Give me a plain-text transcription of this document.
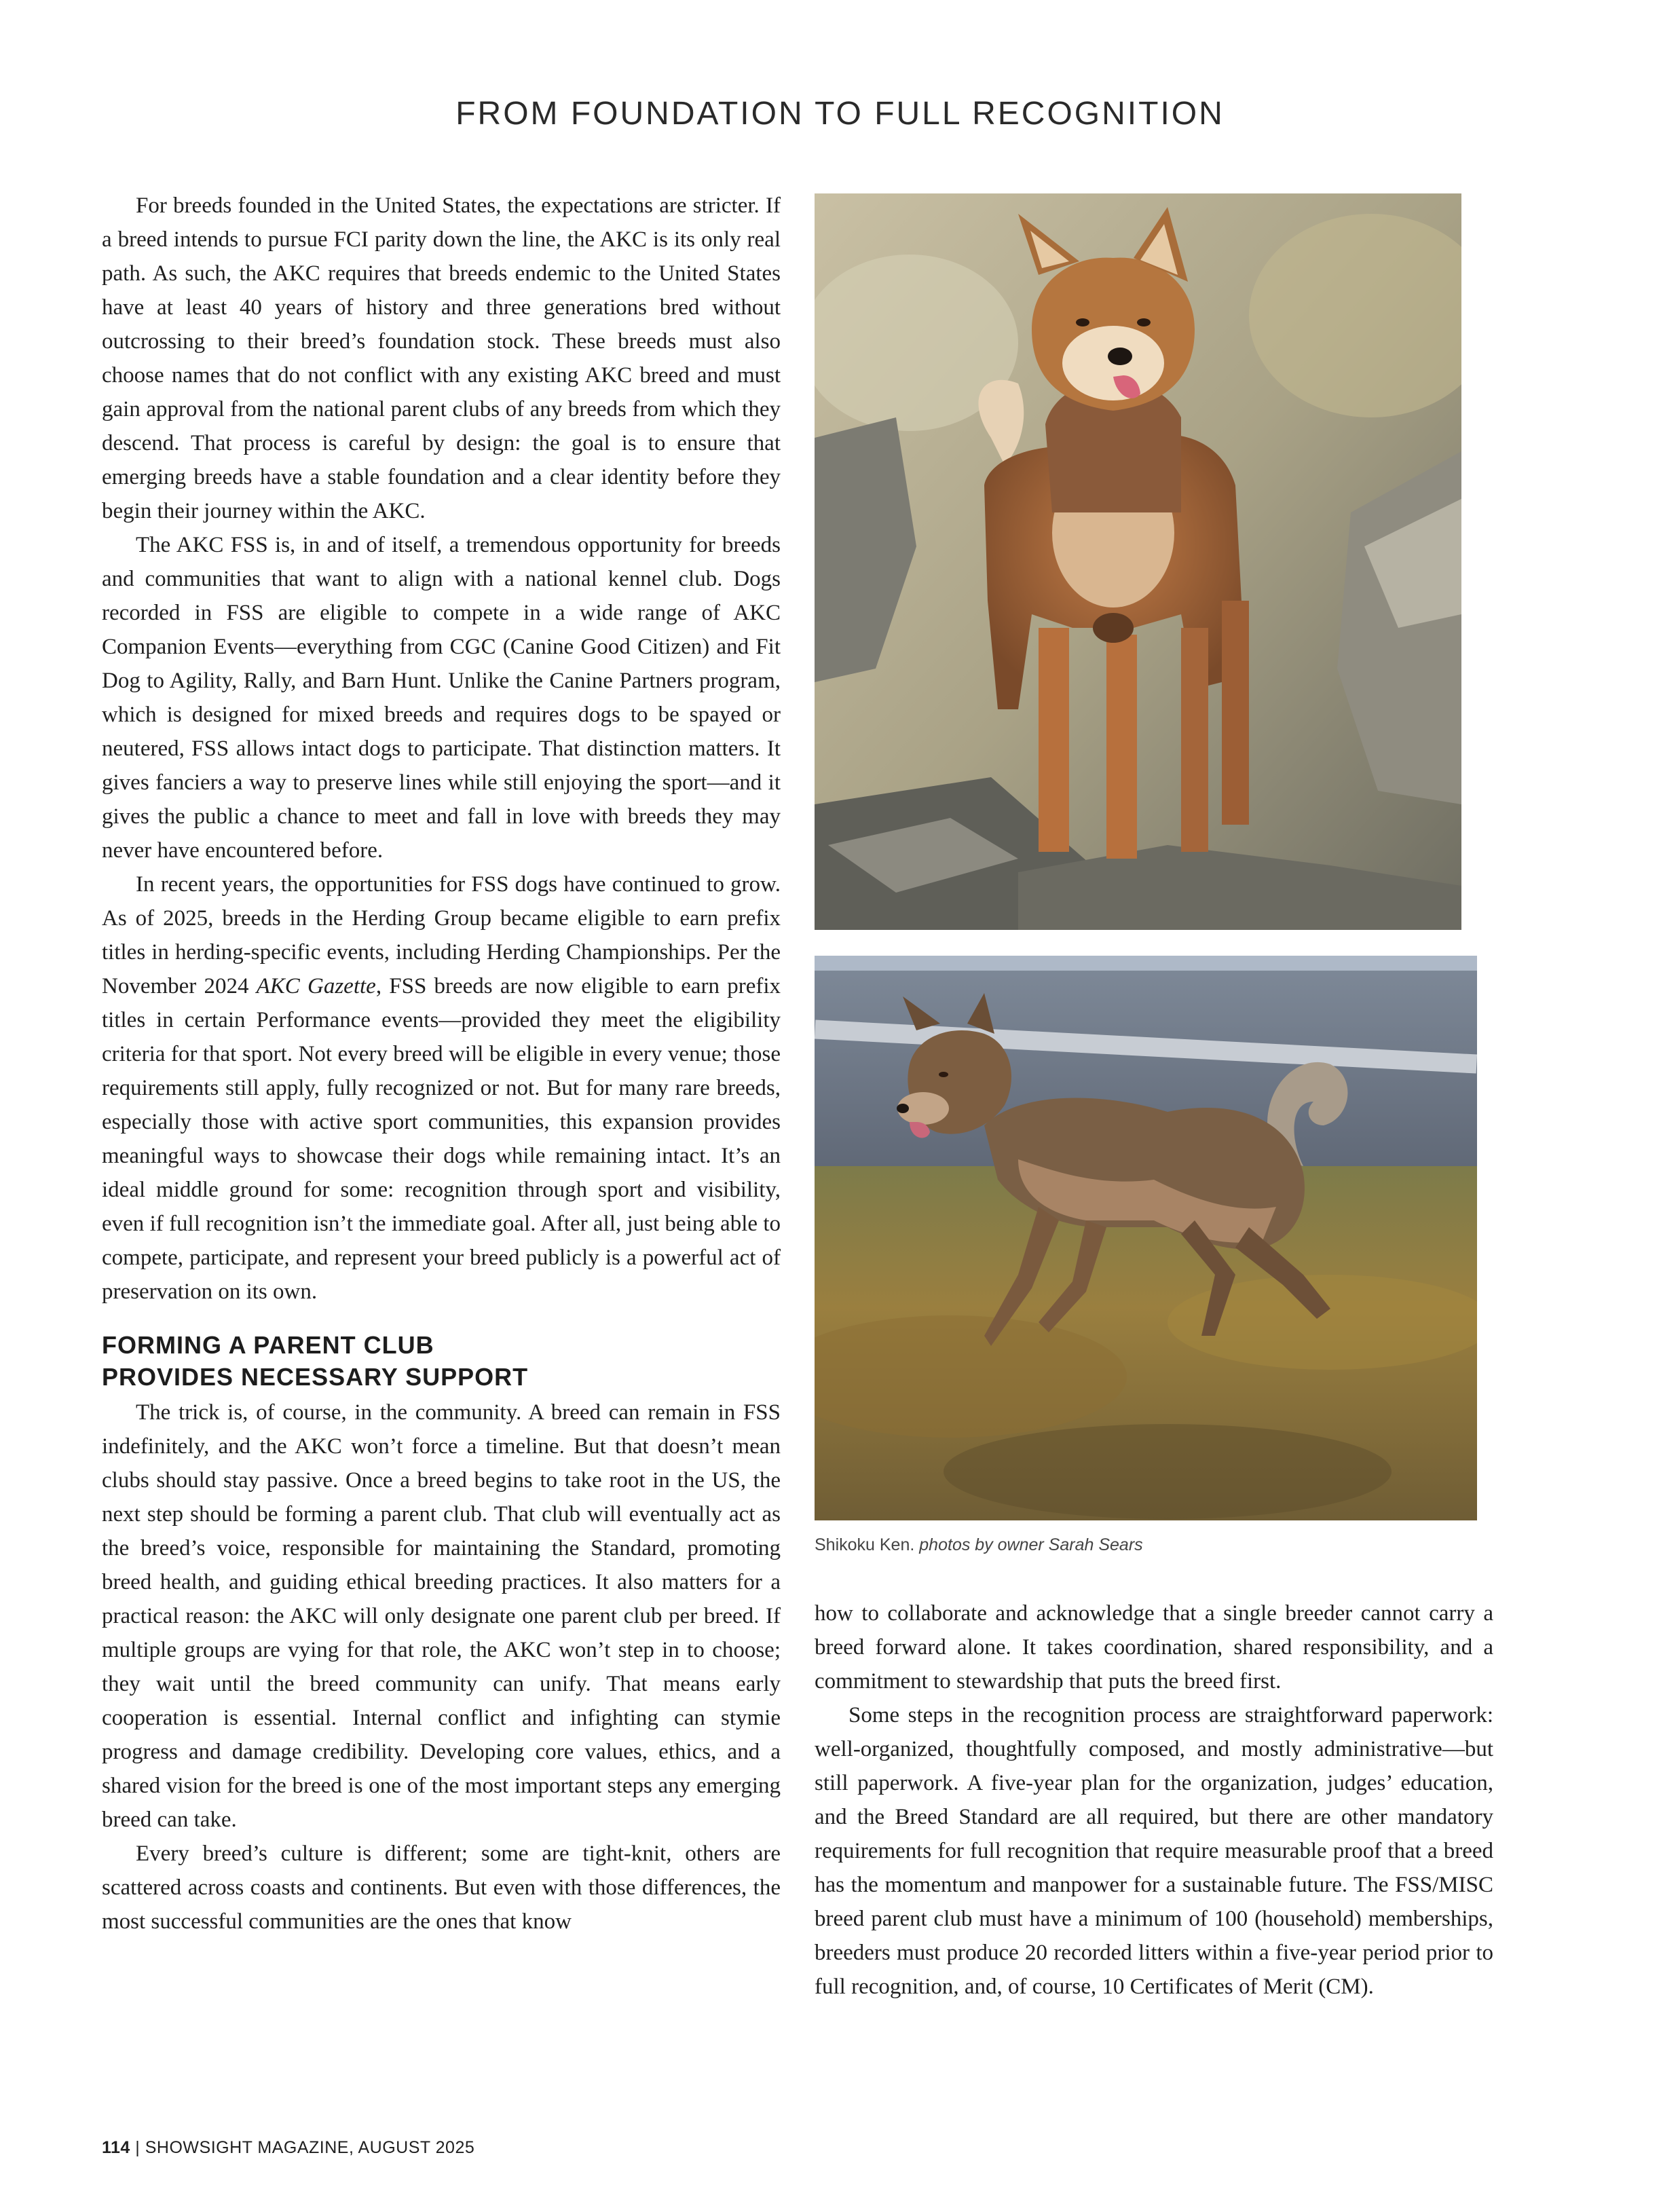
FROM FOUNDATION TO FULL RECOGNITION

For breeds founded in the United States, the expectations are stricter. If a breed intends to pursue FCI parity down the line, the AKC is its only real path. As such, the AKC requires that breeds endemic to the United States have at least 40 years of history and three generations bred without outcrossing to their breed’s foundation stock. These breeds must also choose names that do not conflict with any existing AKC breed and must gain approval from the national parent clubs of any breeds from which they descend. That process is careful by design: the goal is to ensure that emerging breeds have a stable foundation and a clear identity before they begin their journey within the AKC.

The AKC FSS is, in and of itself, a tremendous opportunity for breeds and communities that want to align with a national kennel club. Dogs recorded in FSS are eligible to compete in a wide range of AKC Companion Events—everything from CGC (Canine Good Citizen) and Fit Dog to Agility, Rally, and Barn Hunt. Unlike the Canine Partners program, which is designed for mixed breeds and requires dogs to be spayed or neutered, FSS allows intact dogs to participate. That distinction matters. It gives fanciers a way to preserve lines while still enjoying the sport—and it gives the public a chance to meet and fall in love with breeds they may never have encountered before.

In recent years, the opportunities for FSS dogs have continued to grow. As of 2025, breeds in the Herding Group became eligible to earn prefix titles in herding-specific events, including Herding Championships. Per the November 2024 AKC Gazette, FSS breeds are now eligible to earn prefix titles in certain Performance events—provided they meet the eligibility criteria for that sport. Not every breed will be eligible in every venue; those requirements still apply, fully recognized or not. But for many rare breeds, especially those with active sport communities, this expansion provides meaningful ways to showcase their dogs while remaining intact. It’s an ideal middle ground for some: recognition through sport and visibility, even if full recognition isn’t the immediate goal. After all, just being able to compete, participate, and represent your breed publicly is a powerful act of preservation on its own.

FORMING A PARENT CLUB
PROVIDES NECESSARY SUPPORT

The trick is, of course, in the community. A breed can remain in FSS indefinitely, and the AKC won’t force a timeline. But that doesn’t mean clubs should stay passive. Once a breed begins to take root in the US, the next step should be forming a parent club. That club will eventually act as the breed’s voice, responsible for maintaining the Standard, promoting breed health, and guiding ethical breeding practices. It also matters for a practical reason: the AKC will only designate one parent club per breed. If multiple groups are vying for that role, the AKC won’t step in to choose; they wait until the breed community can unify. That means early cooperation is essential. Internal conflict and infighting can stymie progress and damage credibility. Developing core values, ethics, and a shared vision for the breed is one of the most important steps any emerging breed can take.

Every breed’s culture is different; some are tight-knit, others are scattered across coasts and continents. But even with those differences, the most successful communities are the ones that know

Shikoku Ken. photos by owner Sarah Sears

how to collaborate and acknowledge that a single breeder cannot carry a breed forward alone. It takes coordination, shared responsibility, and a commitment to stewardship that puts the breed first.

Some steps in the recognition process are straightforward paperwork: well-organized, thoughtfully composed, and mostly administrative—but still paperwork. A five-year plan for the organization, judges’ education, and the Breed Standard are all required, but there are other mandatory requirements for full recognition that require measurable proof that a breed has the momentum and manpower for a sustainable future. The FSS/MISC breed parent club must have a minimum of 100 (household) memberships, breeders must produce 20 recorded litters within a five-year period prior to full recognition, and, of course, 10 Certificates of Merit (CM).

114 | SHOWSIGHT MAGAZINE, AUGUST 2025
